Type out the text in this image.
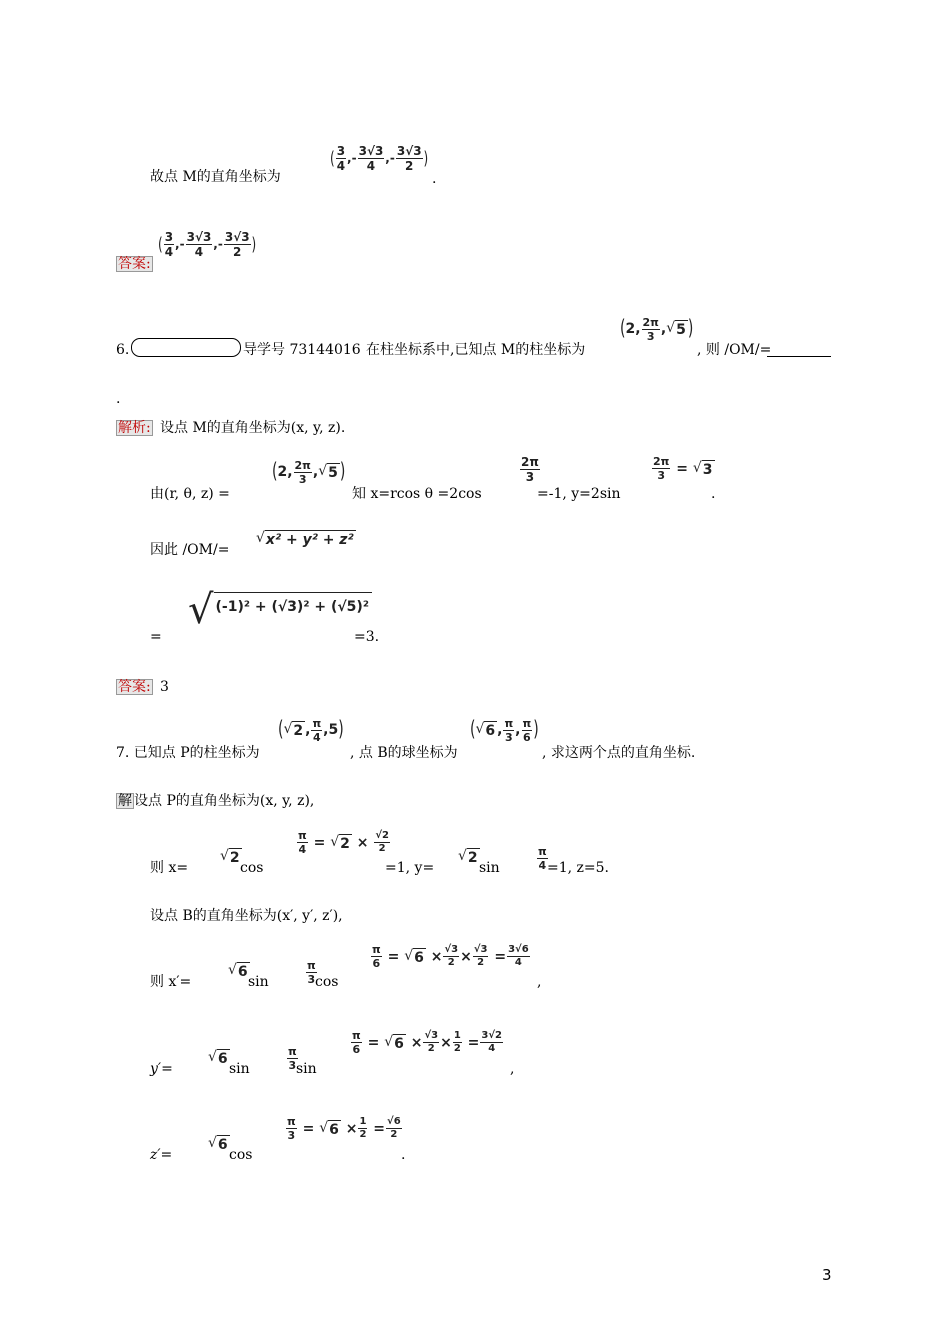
( 3
4
,-
3√3
4
,-
3√3
2 )
故点 M的直角坐标为	.
( 3
4
,-
3√3
4
,-
3√3
2 )
答案:
6.	导学号 73144016 在柱坐标系中,已知点 M的柱坐标为
( 2, 2π
3 , √ 5 )
, 则 /OM/=
.
解析: 设点 M的直角坐标为(x, y, z).
由(r, θ, z) =
( 2, 2π
3 , √ 5 )
知 x=rcos θ =2cos
2π
3
=-1, y=2sin
2π
3 = √ 3
.
因此 /OM/=
√ x² + y² + z²
=
√ (-1)² + (√3)² + (√5)²
=3.
答案: 3
7. 已知点 P的柱坐标为
( √ 2 , π
4 ,5 )
, 点 B的球坐标为
( √ 6 , π
3 , π
6 )
, 求这两个点的直角坐标.
解 设点 P的直角坐标为(x, y, z),
则 x=
√ 2
cos
π
4 = √ 2 × √2
2
=1, y=
√ 2
sin
π
4 =1, z=5.
设点 B的直角坐标为(x′, y′, z′),
则 x′=
√ 6
sin
π
3 cos
π
6 = √ 6 × √3
2 × √3
2 = 3√6
4
,
y′=
√ 6
sin
π
3 sin
π
6 = √ 6 × √3
2 × 1
2 = 3√2
4
,
z′=
√ 6
cos
π
3 = √ 6 × 1
2 = √6
2
.
3
